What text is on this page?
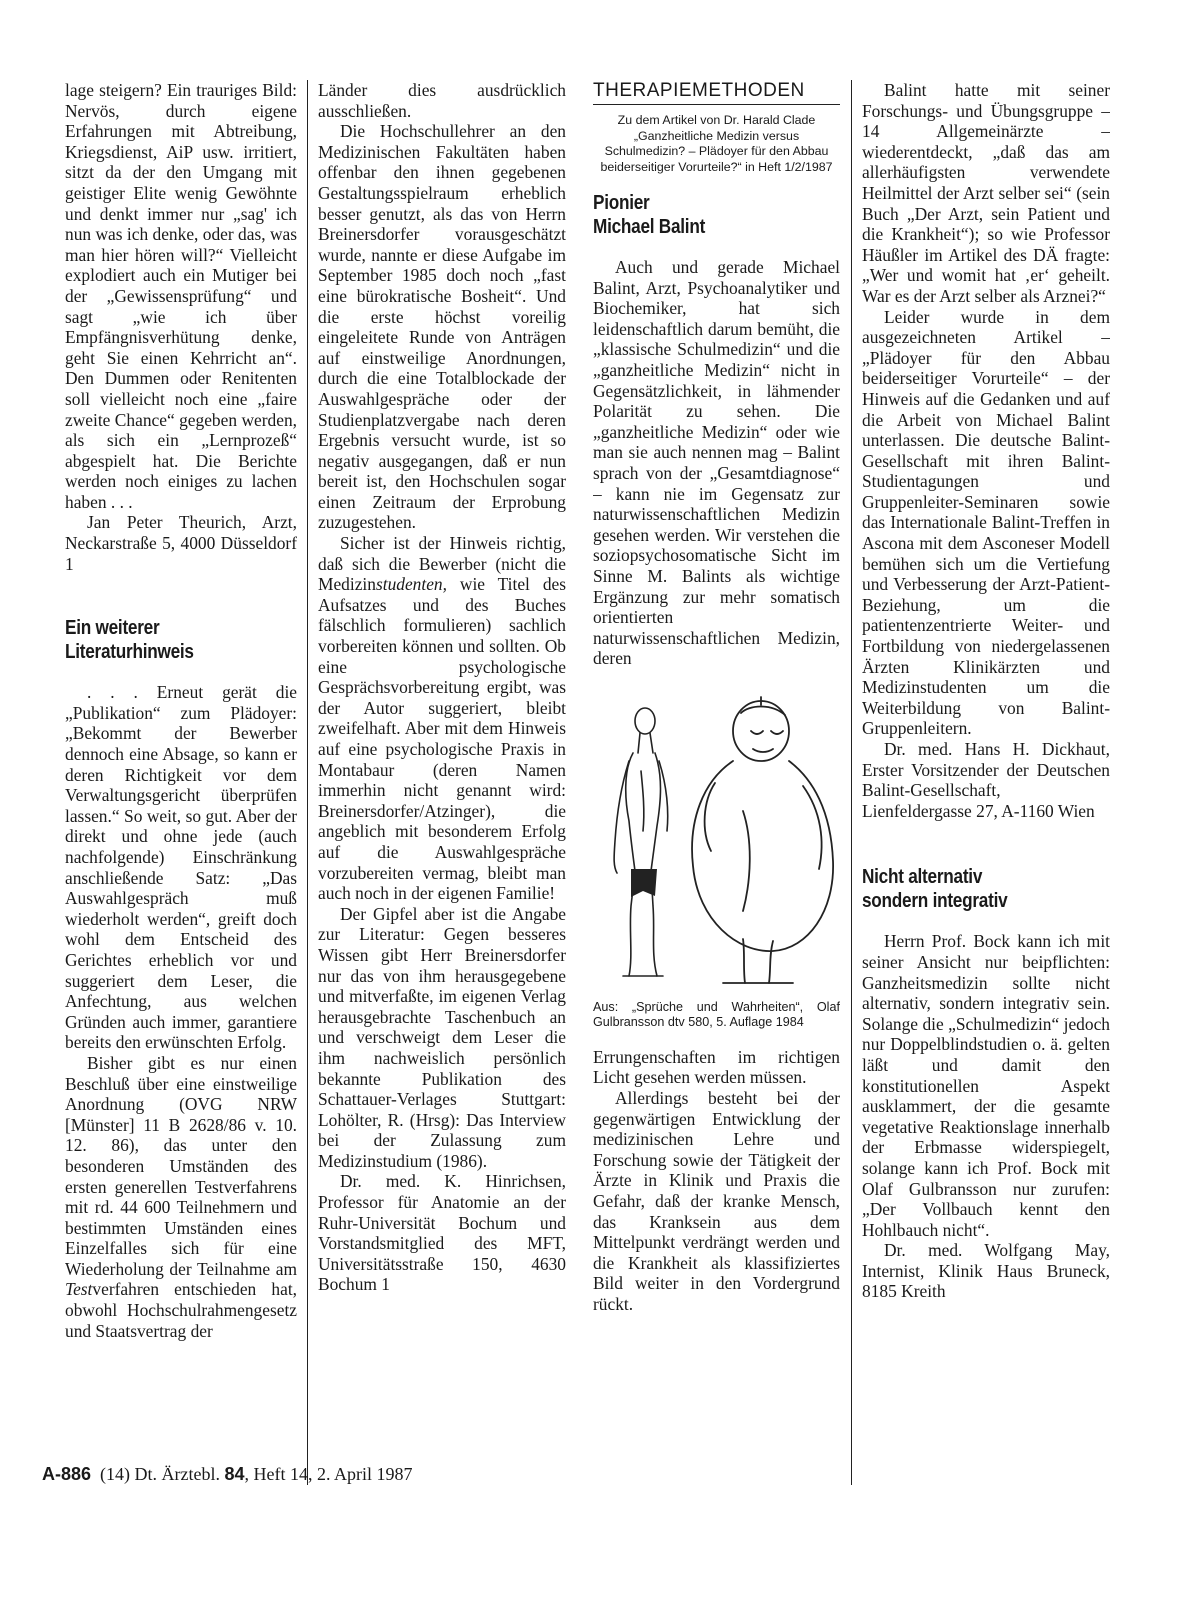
lage steigern? Ein trauriges Bild: Nervös, durch eigene Erfahrungen mit Abtreibung, Kriegsdienst, AiP usw. irritiert, sitzt da der den Umgang mit geistiger Elite wenig Gewöhnte und denkt immer nur „sag' ich nun was ich denke, oder das, was man hier hören will?“ Vielleicht explodiert auch ein Mutiger bei der „Gewissensprüfung“ und sagt „wie ich über Empfängnisverhütung denke, geht Sie einen Kehrricht an“. Den Dummen oder Renitenten soll vielleicht noch eine „faire zweite Chance“ gegeben werden, als sich ein „Lernprozeß“ abgespielt hat. Die Berichte werden noch einiges zu lachen haben . . .

Jan Peter Theurich, Arzt, Neckarstraße 5, 4000 Düsseldorf 1

Ein weiterer
Literaturhinweis

. . . Erneut gerät die „Publikation“ zum Plädoyer: „Bekommt der Bewerber dennoch eine Absage, so kann er deren Richtigkeit vor dem Verwaltungsgericht überprüfen lassen.“ So weit, so gut. Aber der direkt und ohne jede (auch nachfolgende) Einschränkung anschließende Satz: „Das Auswahlgespräch muß wiederholt werden“, greift doch wohl dem Entscheid des Gerichtes erheblich vor und suggeriert dem Leser, die Anfechtung, aus welchen Gründen auch immer, garantiere bereits den erwünschten Erfolg.

Bisher gibt es nur einen Beschluß über eine einstweilige Anordnung (OVG NRW [Münster] 11 B 2628/86 v. 10. 12. 86), das unter den besonderen Umständen des ersten generellen Testverfahrens mit rd. 44 600 Teilnehmern und bestimmten Umständen eines Einzelfalles sich für eine Wiederholung der Teilnahme am Testverfahren entschieden hat, obwohl Hochschulrahmengesetz und Staatsvertrag der

Länder dies ausdrücklich ausschließen.

Die Hochschullehrer an den Medizinischen Fakultäten haben offenbar den ihnen gegebenen Gestaltungsspielraum erheblich besser genutzt, als das von Herrn Breinersdorfer vorausgeschätzt wurde, nannte er diese Aufgabe im September 1985 doch noch „fast eine bürokratische Bosheit“. Und die erste höchst voreilig eingeleitete Runde von Anträgen auf einstweilige Anordnungen, durch die eine Totalblockade der Auswahlgespräche oder der Studienplatzvergabe nach deren Ergebnis versucht wurde, ist so negativ ausgegangen, daß er nun bereit ist, den Hochschulen sogar einen Zeitraum der Erprobung zuzugestehen.

Sicher ist der Hinweis richtig, daß sich die Bewerber (nicht die Medizinstudenten, wie Titel des Aufsatzes und des Buches fälschlich formulieren) sachlich vorbereiten können und sollten. Ob eine psychologische Gesprächsvorbereitung ergibt, was der Autor suggeriert, bleibt zweifelhaft. Aber mit dem Hinweis auf eine psychologische Praxis in Montabaur (deren Namen immerhin nicht genannt wird: Breinersdorfer/Atzinger), die angeblich mit besonderem Erfolg auf die Auswahlgespräche vorzubereiten vermag, bleibt man auch noch in der eigenen Familie!

Der Gipfel aber ist die Angabe zur Literatur: Gegen besseres Wissen gibt Herr Breinersdorfer nur das von ihm herausgegebene und mitverfaßte, im eigenen Verlag herausgebrachte Taschenbuch an und verschweigt dem Leser die ihm nachweislich persönlich bekannte Publikation des Schattauer-Verlages Stuttgart: Lohölter, R. (Hrsg): Das Interview bei der Zulassung zum Medizinstudium (1986).

Dr. med. K. Hinrichsen, Professor für Anatomie an der Ruhr-Universität Bochum und Vorstandsmitglied des MFT, Universitätsstraße 150, 4630 Bochum 1

THERAPIEMETHODEN

Zu dem Artikel von Dr. Harald Clade „Ganzheitliche Medizin versus Schulmedizin? – Plädoyer für den Abbau beiderseitiger Vorurteile?“ in Heft 1/2/1987

Pionier
Michael Balint

Auch und gerade Michael Balint, Arzt, Psychoanalytiker und Biochemiker, hat sich leidenschaftlich darum bemüht, die „klassische Schulmedizin“ und die „ganzheitliche Medizin“ nicht in Gegensätzlichkeit, in lähmender Polarität zu sehen. Die „ganzheitliche Medizin“ oder wie man sie auch nennen mag – Balint sprach von der „Gesamtdiagnose“ – kann nie im Gegensatz zur naturwissenschaftlichen Medizin gesehen werden. Wir verstehen die soziopsychosomatische Sicht im Sinne M. Balints als wichtige Ergänzung zur mehr somatisch orientierten naturwissenschaftlichen Medizin, deren

Aus: „Sprüche und Wahrheiten“, Olaf Gulbransson dtv 580, 5. Auflage 1984

Errungenschaften im richtigen Licht gesehen werden müssen.

Allerdings besteht bei der gegenwärtigen Entwicklung der medizinischen Lehre und Forschung sowie der Tätigkeit der Ärzte in Klinik und Praxis die Gefahr, daß der kranke Mensch, das Kranksein aus dem Mittelpunkt verdrängt werden und die Krankheit als klassifiziertes Bild weiter in den Vordergrund rückt.

Balint hatte mit seiner Forschungs- und Übungsgruppe – 14 Allgemeinärzte – wiederentdeckt, „daß das am allerhäufigsten verwendete Heilmittel der Arzt selber sei“ (sein Buch „Der Arzt, sein Patient und die Krankheit“); so wie Professor Häußler im Artikel des DÄ fragte: „Wer und womit hat ‚er‘ geheilt. War es der Arzt selber als Arznei?“

Leider wurde in dem ausgezeichneten Artikel – „Plädoyer für den Abbau beiderseitiger Vorurteile“ – der Hinweis auf die Gedanken und auf die Arbeit von Michael Balint unterlassen. Die deutsche Balint-Gesellschaft mit ihren Balint-Studientagungen und Gruppenleiter-Seminaren sowie das Internationale Balint-Treffen in Ascona mit dem Asconeser Modell bemühen sich um die Vertiefung und Verbesserung der Arzt-Patient-Beziehung, um die patientenzentrierte Weiter- und Fortbildung von niedergelassenen Ärzten Klinikärzten und Medizinstudenten um die Weiterbildung von Balint-Gruppenleitern.

Dr. med. Hans H. Dickhaut, Erster Vorsitzender der Deutschen Balint-Gesellschaft, Lienfeldergasse 27, A-1160 Wien

Nicht alternativ
sondern integrativ

Herrn Prof. Bock kann ich mit seiner Ansicht nur beipflichten: Ganzheitsmedizin sollte nicht alternativ, sondern integrativ sein. Solange die „Schulmedizin“ jedoch nur Doppelblindstudien o. ä. gelten läßt und damit den konstitutionellen Aspekt ausklammert, der die gesamte vegetative Reaktionslage innerhalb der Erbmasse widerspiegelt, solange kann ich Prof. Bock mit Olaf Gulbransson nur zurufen: „Der Vollbauch kennt den Hohlbauch nicht“.

Dr. med. Wolfgang May, Internist, Klinik Haus Bruneck, 8185 Kreith

A-886 (14) Dt. Ärztebl. 84, Heft 14, 2. April 1987
